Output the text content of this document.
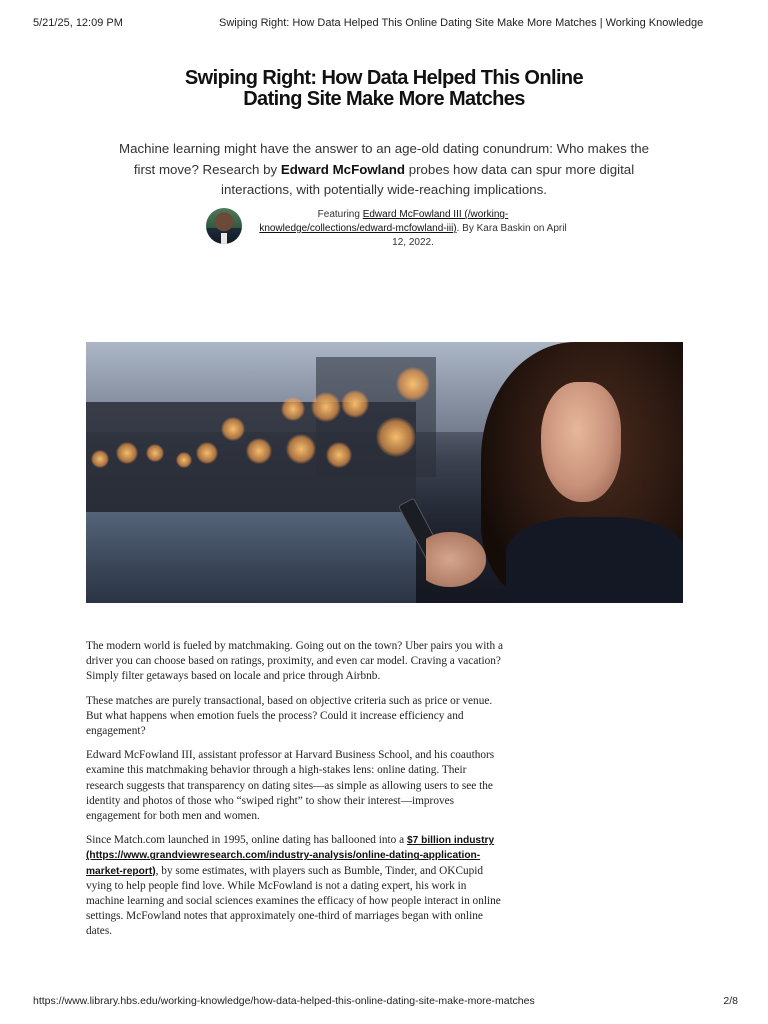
5/21/25, 12:09 PM	Swiping Right: How Data Helped This Online Dating Site Make More Matches | Working Knowledge
Swiping Right: How Data Helped This Online Dating Site Make More Matches
Machine learning might have the answer to an age-old dating conundrum: Who makes the first move? Research by Edward McFowland probes how data can spur more digital interactions, with potentially wide-reaching implications.
Featuring Edward McFowland III (/working-knowledge/collections/edward-mcfowland-iii). By Kara Baskin on April 12, 2022.

The modern world is fueled by matchmaking. Going out on the town? Uber pairs you with a driver you can choose based on ratings, proximity, and even car model. Craving a vacation? Simply filter getaways based on locale and price through Airbnb.

These matches are purely transactional, based on objective criteria such as price or venue. But what happens when emotion fuels the process? Could it increase efficiency and engagement?

Edward McFowland III, assistant professor at Harvard Business School, and his coauthors examine this matchmaking behavior through a high-stakes lens: online dating. Their research suggests that transparency on dating sites—as simple as allowing users to see the identity and photos of those who “swiped right” to show their interest—improves engagement for both men and women.

Since Match.com launched in 1995, online dating has ballooned into a $7 billion industry (https://www.grandviewresearch.com/industry-analysis/online-dating-application-market-report), by some estimates, with players such as Bumble, Tinder, and OKCupid vying to help people find love. While McFowland is not a dating expert, his work in machine learning and social sciences examines the efficacy of how people interact in online settings. McFowland notes that approximately one-third of marriages began with online dates.

https://www.library.hbs.edu/working-knowledge/how-data-helped-this-online-dating-site-make-more-matches	2/8
